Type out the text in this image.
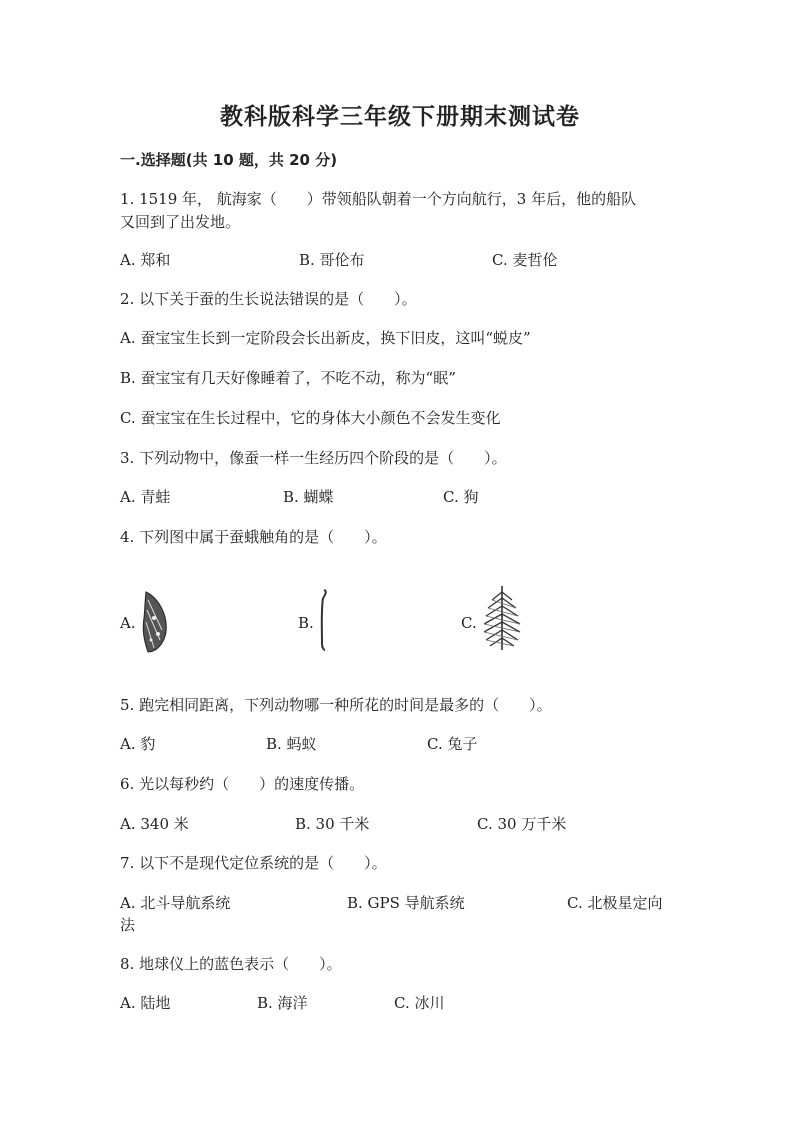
教科版科学三年级下册期末测试卷
一.选择题(共 10 题，共 20 分)
1. 1519 年， 航海家（　　）带领船队朝着一个方向航行，3 年后，他的船队
又回到了出发地。
A. 郑和	B. 哥伦布	C. 麦哲伦
2. 以下关于蚕的生长说法错误的是（　　）。
A. 蚕宝宝生长到一定阶段会长出新皮，换下旧皮，这叫“蜕皮”
B. 蚕宝宝有几天好像睡着了，不吃不动，称为“眠”
C. 蚕宝宝在生长过程中，它的身体大小颜色不会发生变化
3. 下列动物中，像蚕一样一生经历四个阶段的是（　　）。
A. 青蛙	B. 蝴蝶	C. 狗
4. 下列图中属于蚕蛾触角的是（　　）。
A.	B.	C.
5. 跑完相同距离，下列动物哪一种所花的时间是最多的（　　）。
A. 豹	B. 蚂蚁	C. 兔子
6. 光以每秒约（　　）的速度传播。
A. 340 米	B. 30 千米	C. 30 万千米
7. 以下不是现代定位系统的是（　　）。
A. 北斗导航系统	B. GPS 导航系统	C. 北极星定向
法
8. 地球仪上的蓝色表示（　　）。
A. 陆地	B. 海洋	C. 冰川
